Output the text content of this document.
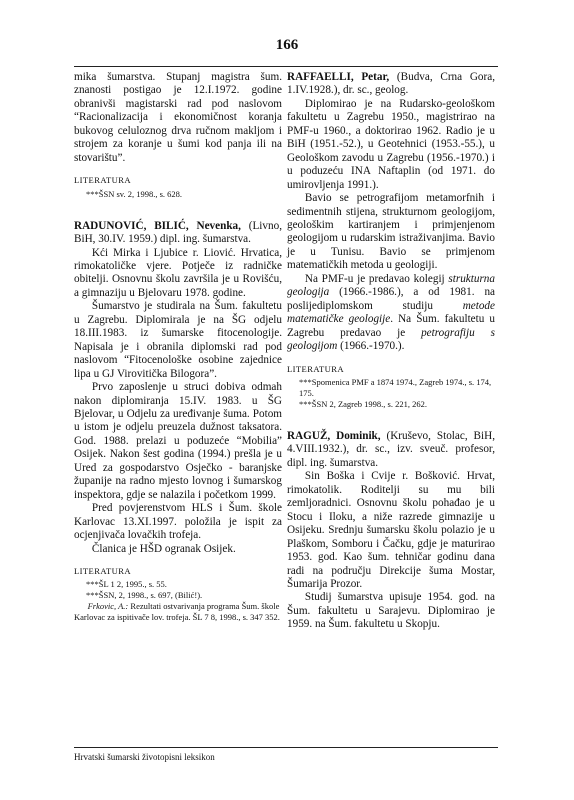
166

mika šumarstva. Stupanj magistra šum. znanosti postigao je 12.I.1972. godine obranivši magistarski rad pod naslovom “Racionalizacija i ekonomičnost koranja bukovog celuloznog drva ručnom makljom i strojem za koranje u šumi kod panja ili na stovarištu”.

LITERATURA
***ŠSN sv. 2, 1998., s. 628.

RADUNOVIĆ, BILIĆ, Nevenka, (Livno, BiH, 30.IV. 1959.) dipl. ing. šumarstva.

Kći Mirka i Ljubice r. Liović. Hrvatica, rimokatoličke vjere. Potječe iz radničke obitelji. Osnovnu školu završila je u Rovišću, a gimnaziju u Bjelovaru 1978. godine.

Šumarstvo je studirala na Šum. fakultetu u Zagrebu. Diplomirala je na ŠG odjelu 18.III.1983. iz šumarske fitocenologije. Napisala je i obranila diplomski rad pod naslovom “Fitocenološke osobine zajednice lipa u GJ Virovitička Bilogora”.

Prvo zaposlenje u struci dobiva odmah nakon diplomiranja 15.IV. 1983. u ŠG Bjelovar, u Odjelu za uređivanje šuma. Potom u istom je odjelu preuzela dužnost taksatora. God. 1988. prelazi u poduzeće “Mobilia” Osijek. Nakon šest godina (1994.) prešla je u Ured za gospodarstvo Osječko - baranjske županije na radno mjesto lovnog i šumarskog inspektora, gdje se nalazila i početkom 1999.

Pred povjerenstvom HLS i Šum. škole Karlovac 13.XI.1997. položila je ispit za ocjenjivača lovačkih trofeja.

Članica je HŠD ogranak Osijek.

LITERATURA
***ŠL 1 2, 1995., s. 55.
***ŠSN, 2, 1998., s. 697, (Bilić!).
Frkovic, A.: Rezultati ostvarivanja programa Šum. škole Karlovac za ispitivače lov. trofeja. ŠL 7 8, 1998., s. 347 352.

RAFFAELLI, Petar, (Budva, Crna Gora, 1.IV.1928.), dr. sc., geolog.

Diplomirao je na Rudarsko-geološkom fakultetu u Zagrebu 1950., magistrirao na PMF-u 1960., a doktorirao 1962. Radio je u BiH (1951.-52.), u Geotehnici (1953.-55.), u Geološkom zavodu u Zagrebu (1956.-1970.) i u poduzeću INA Naftaplin (od 1971. do umirovljenja 1991.).

Bavio se petrografijom metamorfnih i sedimentnih stijena, strukturnom geologijom, geološkim kartiranjem i primjenjenom geologijom u rudarskim istraživanjima. Bavio je u Tunisu. Bavio se primjenom matematičkih metoda u geologiji.

Na PMF-u je predavao kolegij strukturna geologija (1966.-1986.), a od 1981. na poslijediplomskom studiju metode matematičke geologije. Na Šum. fakultetu u Zagrebu predavao je petrografiju s geologijom (1966.-1970.).

LITERATURA
***Spomenica PMF a 1874 1974., Zagreb 1974., s. 174, 175.
***ŠSN 2, Zagreb 1998., s. 221, 262.

RAGUŽ, Dominik, (Kruševo, Stolac, BiH, 4.VIII.1932.), dr. sc., izv. sveuč. profesor, dipl. ing. šumarstva.

Sin Boška i Cvije r. Bošković. Hrvat, rimokatolik. Roditelji su mu bili zemljoradnici. Osnovnu školu pohađao je u Stocu i Iloku, a niže razrede gimnazije u Osijeku. Srednju šumarsku školu polazio je u Plaškom, Somboru i Čačku, gdje je maturirao 1953. god. Kao šum. tehničar godinu dana radi na području Direkcije šuma Mostar, Šumarija Prozor.

Studij šumarstva upisuje 1954. god. na Šum. fakultetu u Sarajevu. Diplomirao je 1959. na Šum. fakultetu u Skopju.

Hrvatski šumarski životopisni leksikon
